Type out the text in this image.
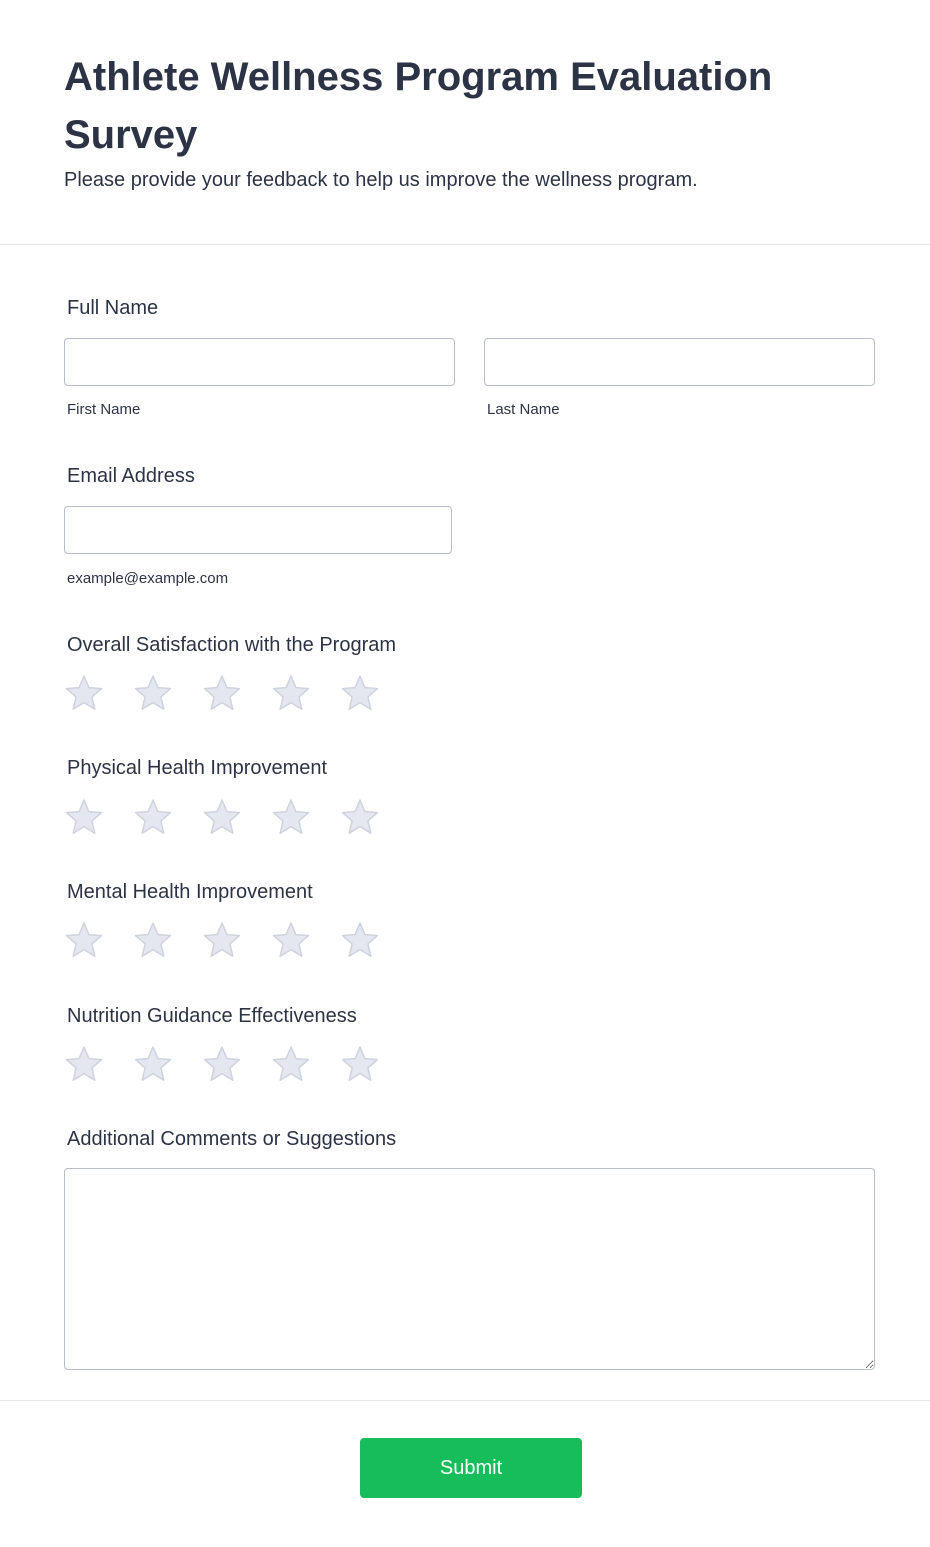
Athlete Wellness Program Evaluation Survey

Please provide your feedback to help us improve the wellness program.

Full Name
First Name	Last Name
Email Address
example@example.com
Overall Satisfaction with the Program
Physical Health Improvement
Mental Health Improvement
Nutrition Guidance Effectiveness
Additional Comments or Suggestions
Submit
